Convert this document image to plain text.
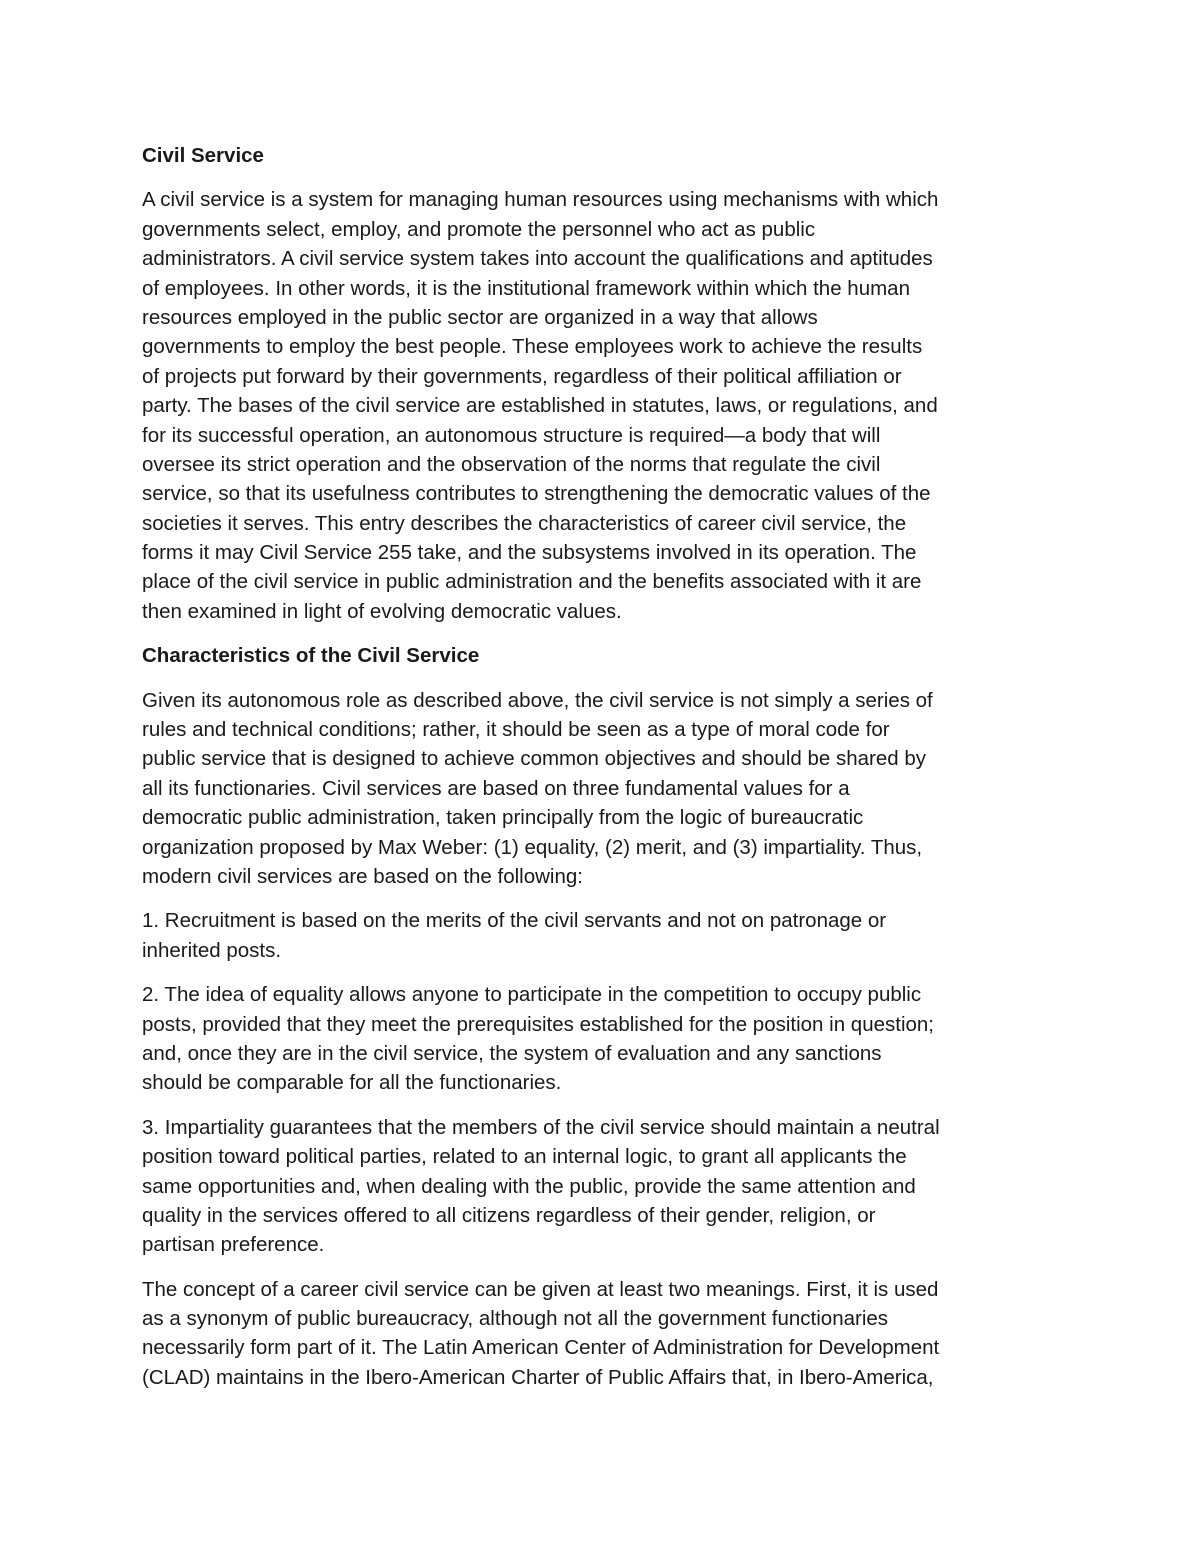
Civil Service
A civil service is a system for managing human resources using mechanisms with which
governments select, employ, and promote the personnel who act as public
administrators. A civil service system takes into account the qualifications and aptitudes
of employees. In other words, it is the institutional framework within which the human
resources employed in the public sector are organized in a way that allows
governments to employ the best people. These employees work to achieve the results
of projects put forward by their governments, regardless of their political affiliation or
party. The bases of the civil service are established in statutes, laws, or regulations, and
for its successful operation, an autonomous structure is required—a body that will
oversee its strict operation and the observation of the norms that regulate the civil
service, so that its usefulness contributes to strengthening the democratic values of the
societies it serves. This entry describes the characteristics of career civil service, the
forms it may Civil Service 255 take, and the subsystems involved in its operation. The
place of the civil service in public administration and the benefits associated with it are
then examined in light of evolving democratic values.
Characteristics of the Civil Service
Given its autonomous role as described above, the civil service is not simply a series of
rules and technical conditions; rather, it should be seen as a type of moral code for
public service that is designed to achieve common objectives and should be shared by
all its functionaries. Civil services are based on three fundamental values for a
democratic public administration, taken principally from the logic of bureaucratic
organization proposed by Max Weber: (1) equality, (2) merit, and (3) impartiality. Thus,
modern civil services are based on the following:
1. Recruitment is based on the merits of the civil servants and not on patronage or
inherited posts.
2. The idea of equality allows anyone to participate in the competition to occupy public
posts, provided that they meet the prerequisites established for the position in question;
and, once they are in the civil service, the system of evaluation and any sanctions
should be comparable for all the functionaries.
3. Impartiality guarantees that the members of the civil service should maintain a neutral
position toward political parties, related to an internal logic, to grant all applicants the
same opportunities and, when dealing with the public, provide the same attention and
quality in the services offered to all citizens regardless of their gender, religion, or
partisan preference.
The concept of a career civil service can be given at least two meanings. First, it is used
as a synonym of public bureaucracy, although not all the government functionaries
necessarily form part of it. The Latin American Center of Administration for Development
(CLAD) maintains in the Ibero-American Charter of Public Affairs that, in Ibero-America,
